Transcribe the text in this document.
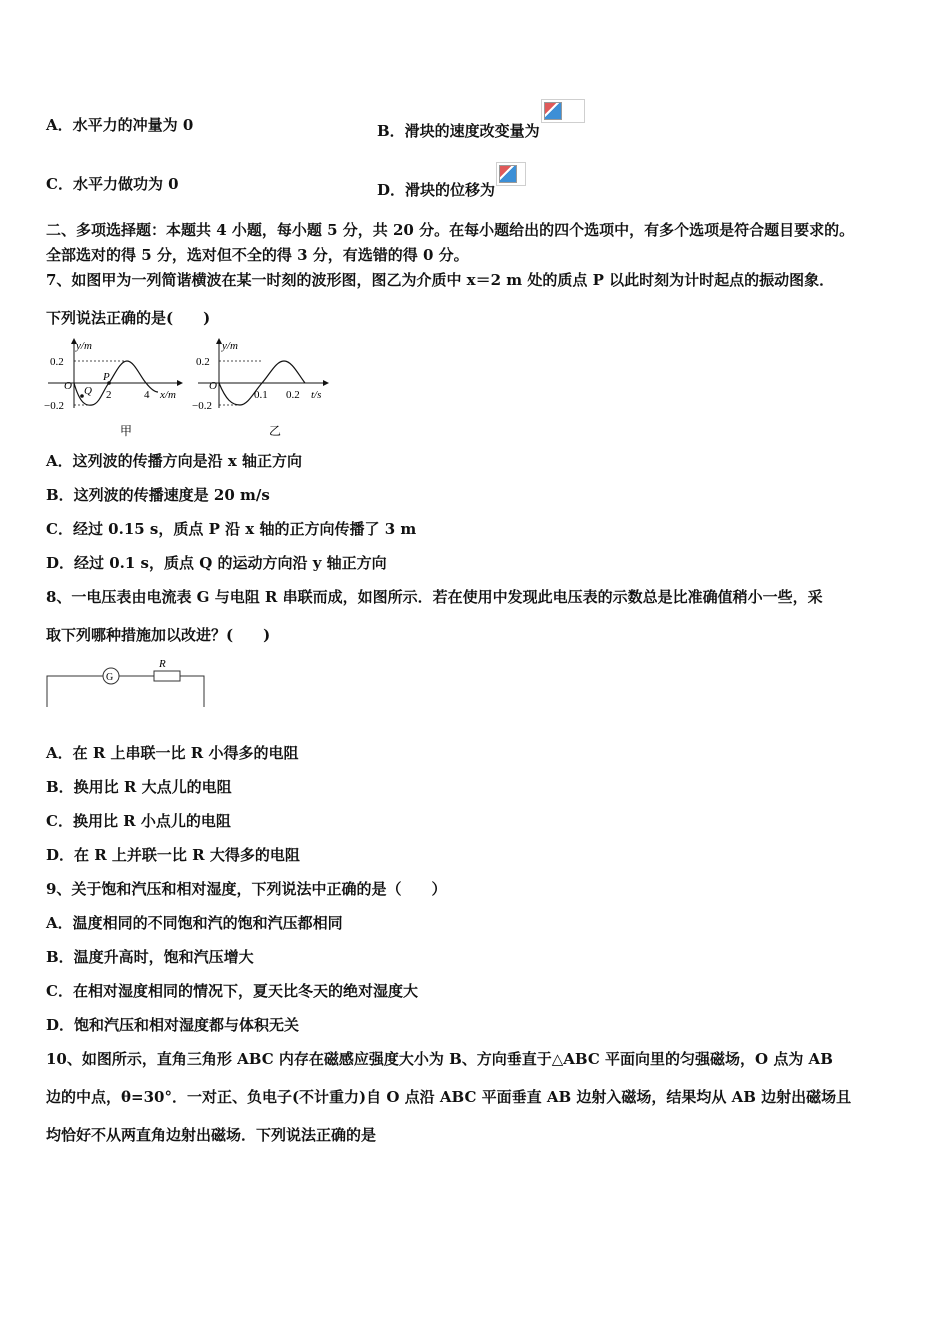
A．水平力的冲量为 0	B．滑块的速度改变量为
C．水平力做功为 0	D．滑块的位移为
二、多项选择题：本题共 4 小题，每小题 5 分，共 20 分。在每小题给出的四个选项中，有多个选项是符合题目要求的。
全部选对的得 5 分，选对但不全的得 3 分，有选错的得 0 分。
7、如图甲为一列简谐横波在某一时刻的波形图，图乙为介质中 x＝2 m 处的质点 P 以此时刻为计时起点的振动图象．
下列说法正确的是(　　)
y/m
0.2
O
−0.2
2	4 x/m
P
Q
甲
y/m
0.2
O
−0.2
0.1 0.2 t/s
乙
A．这列波的传播方向是沿 x 轴正方向
B．这列波的传播速度是 20 m/s
C．经过 0.15 s，质点 P 沿 x 轴的正方向传播了 3 m
D．经过 0.1 s，质点 Q 的运动方向沿 y 轴正方向
8、一电压表由电流表 G 与电阻 R 串联而成，如图所示．若在使用中发现此电压表的示数总是比准确值稍小一些，采
取下列哪种措施加以改进？(　　)
G
R
A．在 R 上串联一比 R 小得多的电阻
B．换用比 R 大点儿的电阻
C．换用比 R 小点儿的电阻
D．在 R 上并联一比 R 大得多的电阻
9、关于饱和汽压和相对湿度，下列说法中正确的是（　　）
A．温度相同的不同饱和汽的饱和汽压都相同
B．温度升高时，饱和汽压增大
C．在相对湿度相同的情况下，夏天比冬天的绝对湿度大
D．饱和汽压和相对湿度都与体积无关
10、如图所示，直角三角形 ABC 内存在磁感应强度大小为 B、方向垂直于△ABC 平面向里的匀强磁场，O 点为 AB
边的中点，θ=30°．一对正、负电子(不计重力)自 O 点沿 ABC 平面垂直 AB 边射入磁场，结果均从 AB 边射出磁场且
均恰好不从两直角边射出磁场．下列说法正确的是
